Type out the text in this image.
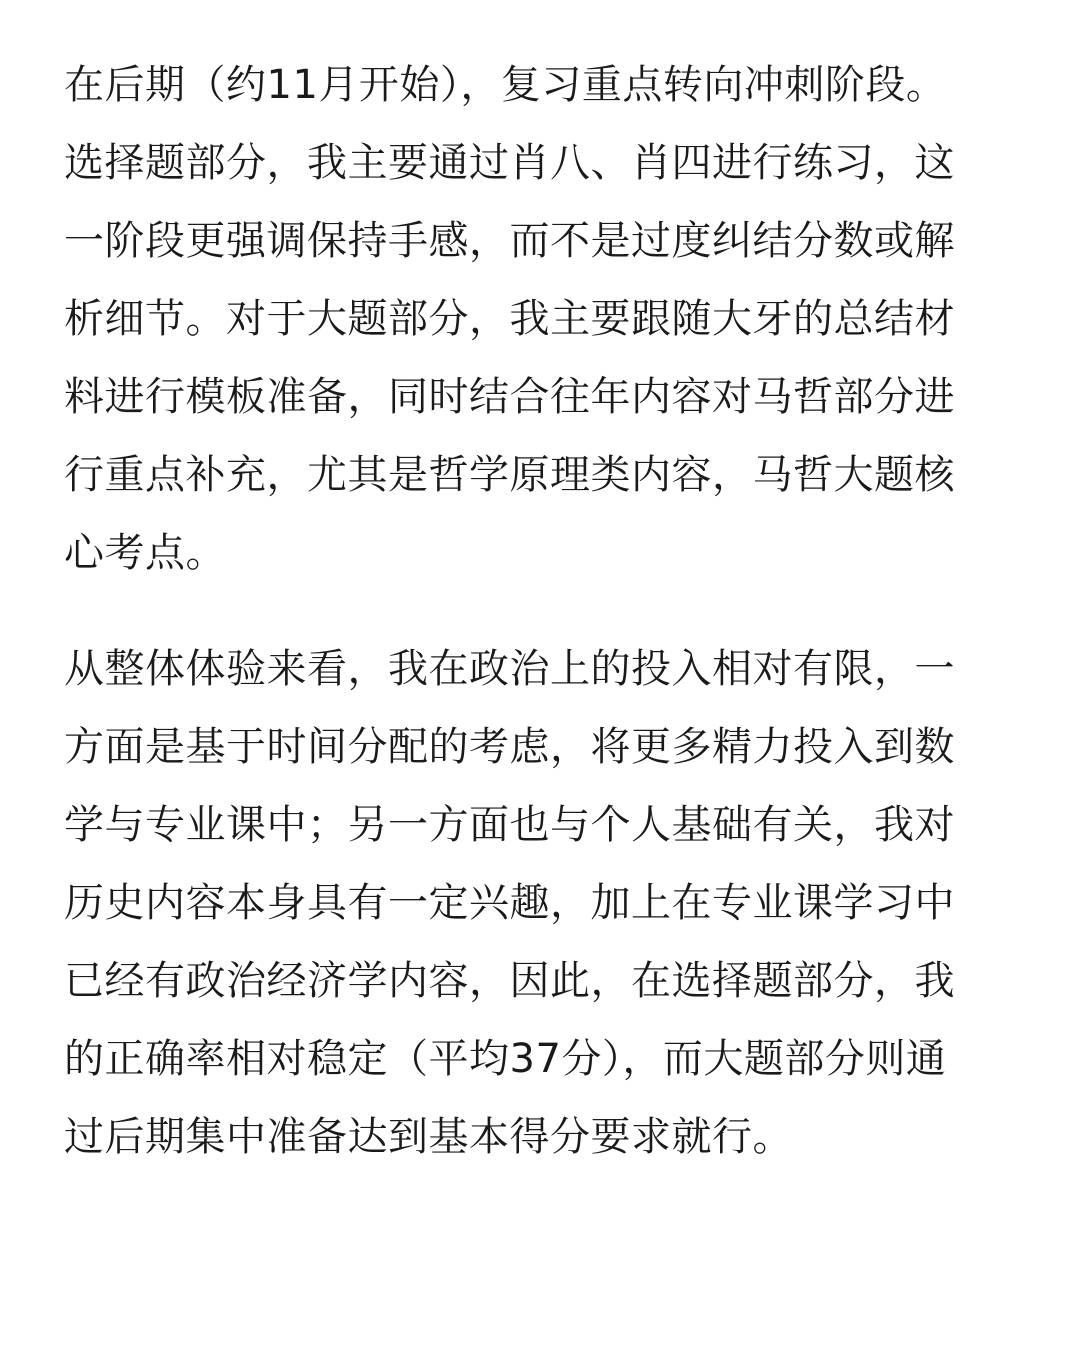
在后期（约11月开始），复习重点转向冲刺阶段。
选择题部分，我主要通过肖八、肖四进行练习，这
一阶段更强调保持手感，而不是过度纠结分数或解
析细节。对于大题部分，我主要跟随大牙的总结材
料进行模板准备，同时结合往年内容对马哲部分进
行重点补充，尤其是哲学原理类内容，马哲大题核
心考点。
从整体体验来看，我在政治上的投入相对有限，一
方面是基于时间分配的考虑，将更多精力投入到数
学与专业课中；另一方面也与个人基础有关，我对
历史内容本身具有一定兴趣，加上在专业课学习中
已经有政治经济学内容，因此，在选择题部分，我
的正确率相对稳定（平均37分），而大题部分则通
过后期集中准备达到基本得分要求就行。
